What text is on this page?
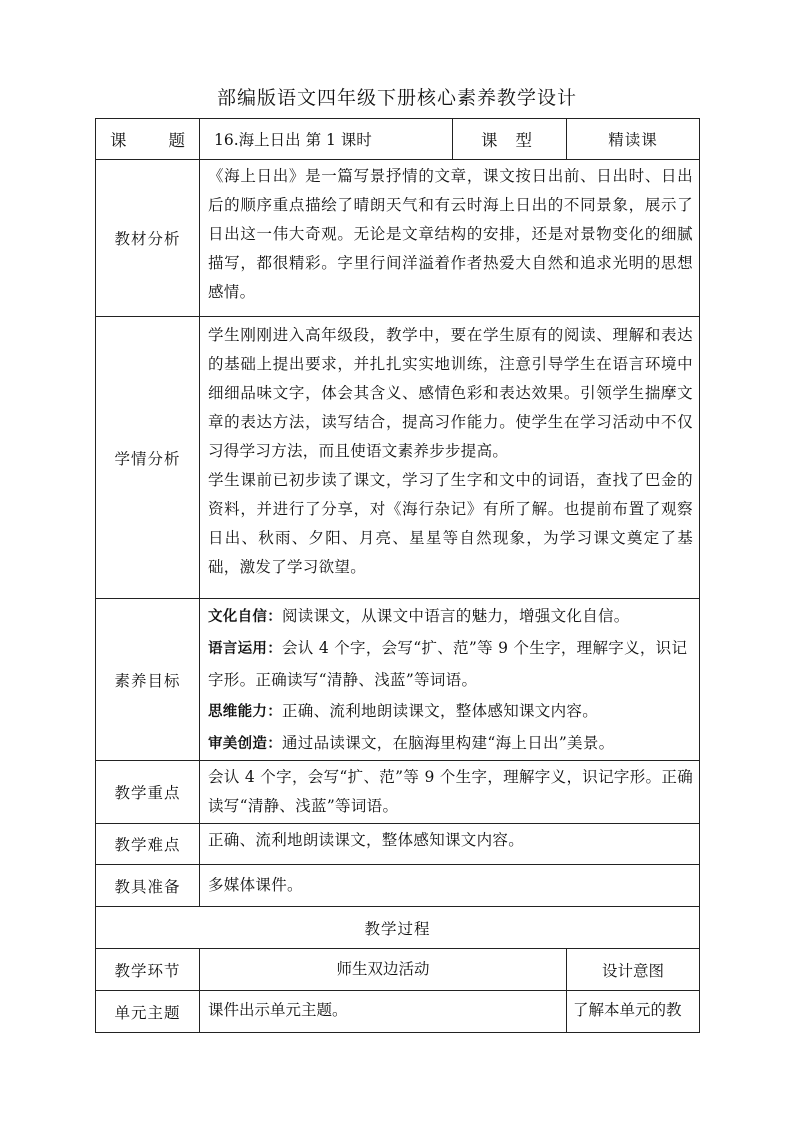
部编版语文四年级下册核心素养教学设计
课 题	16.海上日出 第 1 课时	课 型	精读课
教材分析	《海上日出》是一篇写景抒情的文章，课文按日出前、日出时、日出后的顺序重点描绘了晴朗天气和有云时海上日出的不同景象，展示了日出这一伟大奇观。无论是文章结构的安排，还是对景物变化的细腻描写，都很精彩。字里行间洋溢着作者热爱大自然和追求光明的思想感情。		

学情分析	学生刚刚进入高年级段，教学中，要在学生原有的阅读、理解和表达的基础上提出要求，并扎扎实实地训练，注意引导学生在语言环境中细细品味文字，体会其含义、感情色彩和表达效果。引领学生揣摩文章的表达方法，读写结合，提高习作能力。使学生在学习活动中不仅习得学习方法，而且使语文素养步步提高。

学生课前已初步读了课文，学习了生字和文中的词语，查找了巴金的资料，并进行了分享，对《海行杂记》有所了解。也提前布置了观察日出、秋雨、夕阳、月亮、星星等自然现象，为学习课文奠定了基础，激发了学习欲望。		

素养目标	文化自信：阅读课文，从课文中语言的魅力，增强文化自信。
语言运用：会认 4 个字，会写“扩、范”等 9 个生字，理解字义，识记字形。正确读写“清静、浅蓝”等词语。
思维能力：正确、流利地朗读课文，整体感知课文内容。
审美创造：通过品读课文，在脑海里构建“海上日出”美景。		

教学重点	会认 4 个字，会写“扩、范”等 9 个生字，理解字义，识记字形。正确读写“清静、浅蓝”等词语。		

教学难点	正确、流利地朗读课文，整体感知课文内容。		

教具准备	多媒体课件。		

教学过程			
教学环节	师生双边活动		设计意图
单元主题	课件出示单元主题。		了解本单元的教
